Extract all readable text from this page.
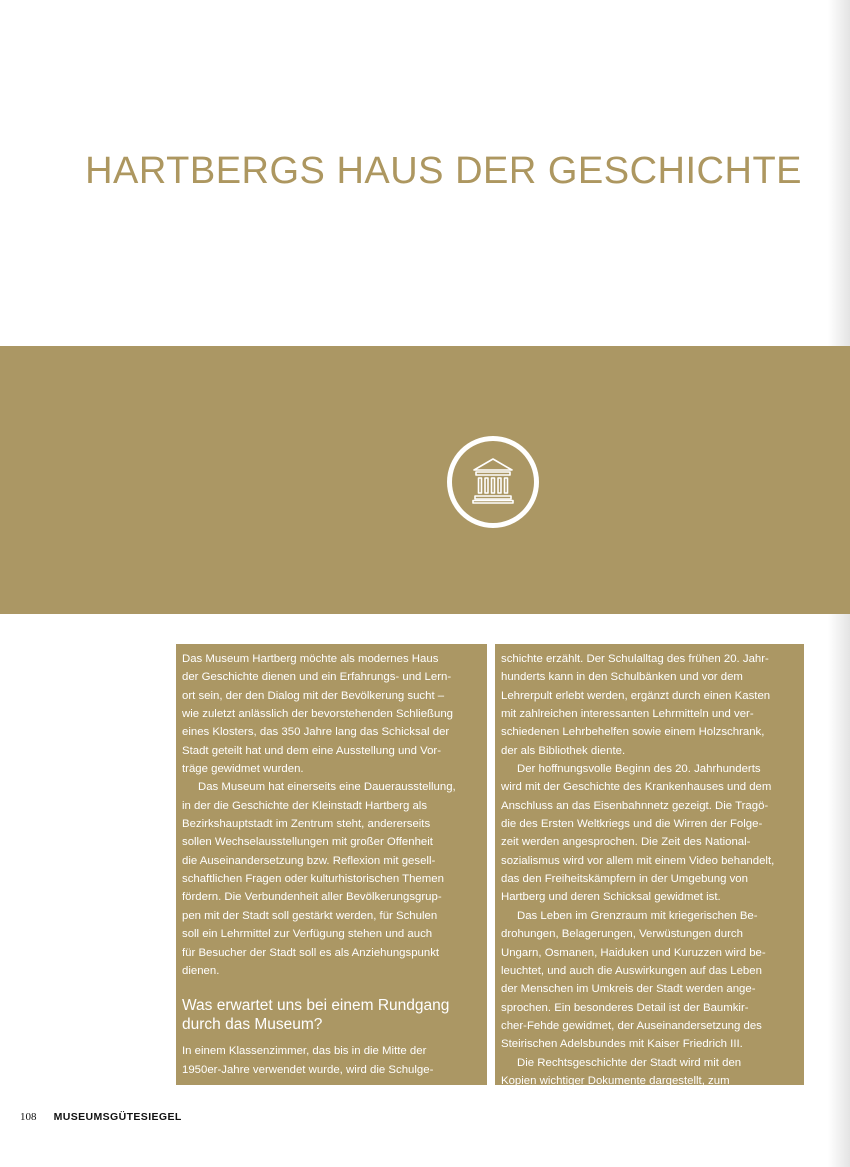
HARTBERGS HAUS DER GESCHICHTE

Das Museum Hartberg möchte als modernes Haus

der Geschichte dienen und ein Erfahrungs- und Lern-

ort sein, der den Dialog mit der Bevölkerung sucht –

wie zuletzt anlässlich der bevorstehenden Schließung

eines Klosters, das 350 Jahre lang das Schicksal der

Stadt geteilt hat und dem eine Ausstellung und Vor-

träge gewidmet wurden.

Das Museum hat einerseits eine Dauerausstellung,

in der die Geschichte der Kleinstadt Hartberg als

Bezirkshauptstadt im Zentrum steht, andererseits

sollen Wechselausstellungen mit großer Offenheit

die Auseinandersetzung bzw. Reflexion mit gesell-

schaftlichen Fragen oder kulturhistorischen Themen

fördern. Die Verbundenheit aller Bevölkerungsgrup-

pen mit der Stadt soll gestärkt werden, für Schulen

soll ein Lehrmittel zur Verfügung stehen und auch

für Besucher der Stadt soll es als Anziehungspunkt

dienen.

Was erwartet uns bei einem Rundgang
durch das Museum?

In einem Klassenzimmer, das bis in die Mitte der

1950er-Jahre verwendet wurde, wird die Schulge-

schichte erzählt. Der Schulalltag des frühen 20. Jahr-

hunderts kann in den Schulbänken und vor dem

Lehrerpult erlebt werden, ergänzt durch einen Kasten

mit zahlreichen interessanten Lehrmitteln und ver-

schiedenen Lehrbehelfen sowie einem Holzschrank,

der als Bibliothek diente.

Der hoffnungsvolle Beginn des 20. Jahrhunderts

wird mit der Geschichte des Krankenhauses und dem

Anschluss an das Eisenbahnnetz gezeigt. Die Tragö-

die des Ersten Weltkriegs und die Wirren der Folge-

zeit werden angesprochen. Die Zeit des National-

sozialismus wird vor allem mit einem Video behandelt,

das den Freiheitskämpfern in der Umgebung von

Hartberg und deren Schicksal gewidmet ist.

Das Leben im Grenzraum mit kriegerischen Be-

drohungen, Belagerungen, Verwüstungen durch

Ungarn, Osmanen, Haiduken und Kuruzzen wird be-

leuchtet, und auch die Auswirkungen auf das Leben

der Menschen im Umkreis der Stadt werden ange-

sprochen. Ein besonderes Detail ist der Baumkir-

cher-Fehde gewidmet, der Auseinandersetzung des

Steirischen Adelsbundes mit Kaiser Friedrich III.

Die Rechtsgeschichte der Stadt wird mit den

Kopien wichtiger Dokumente dargestellt, zum

108 MUSEUMSGÜTESIEGEL
